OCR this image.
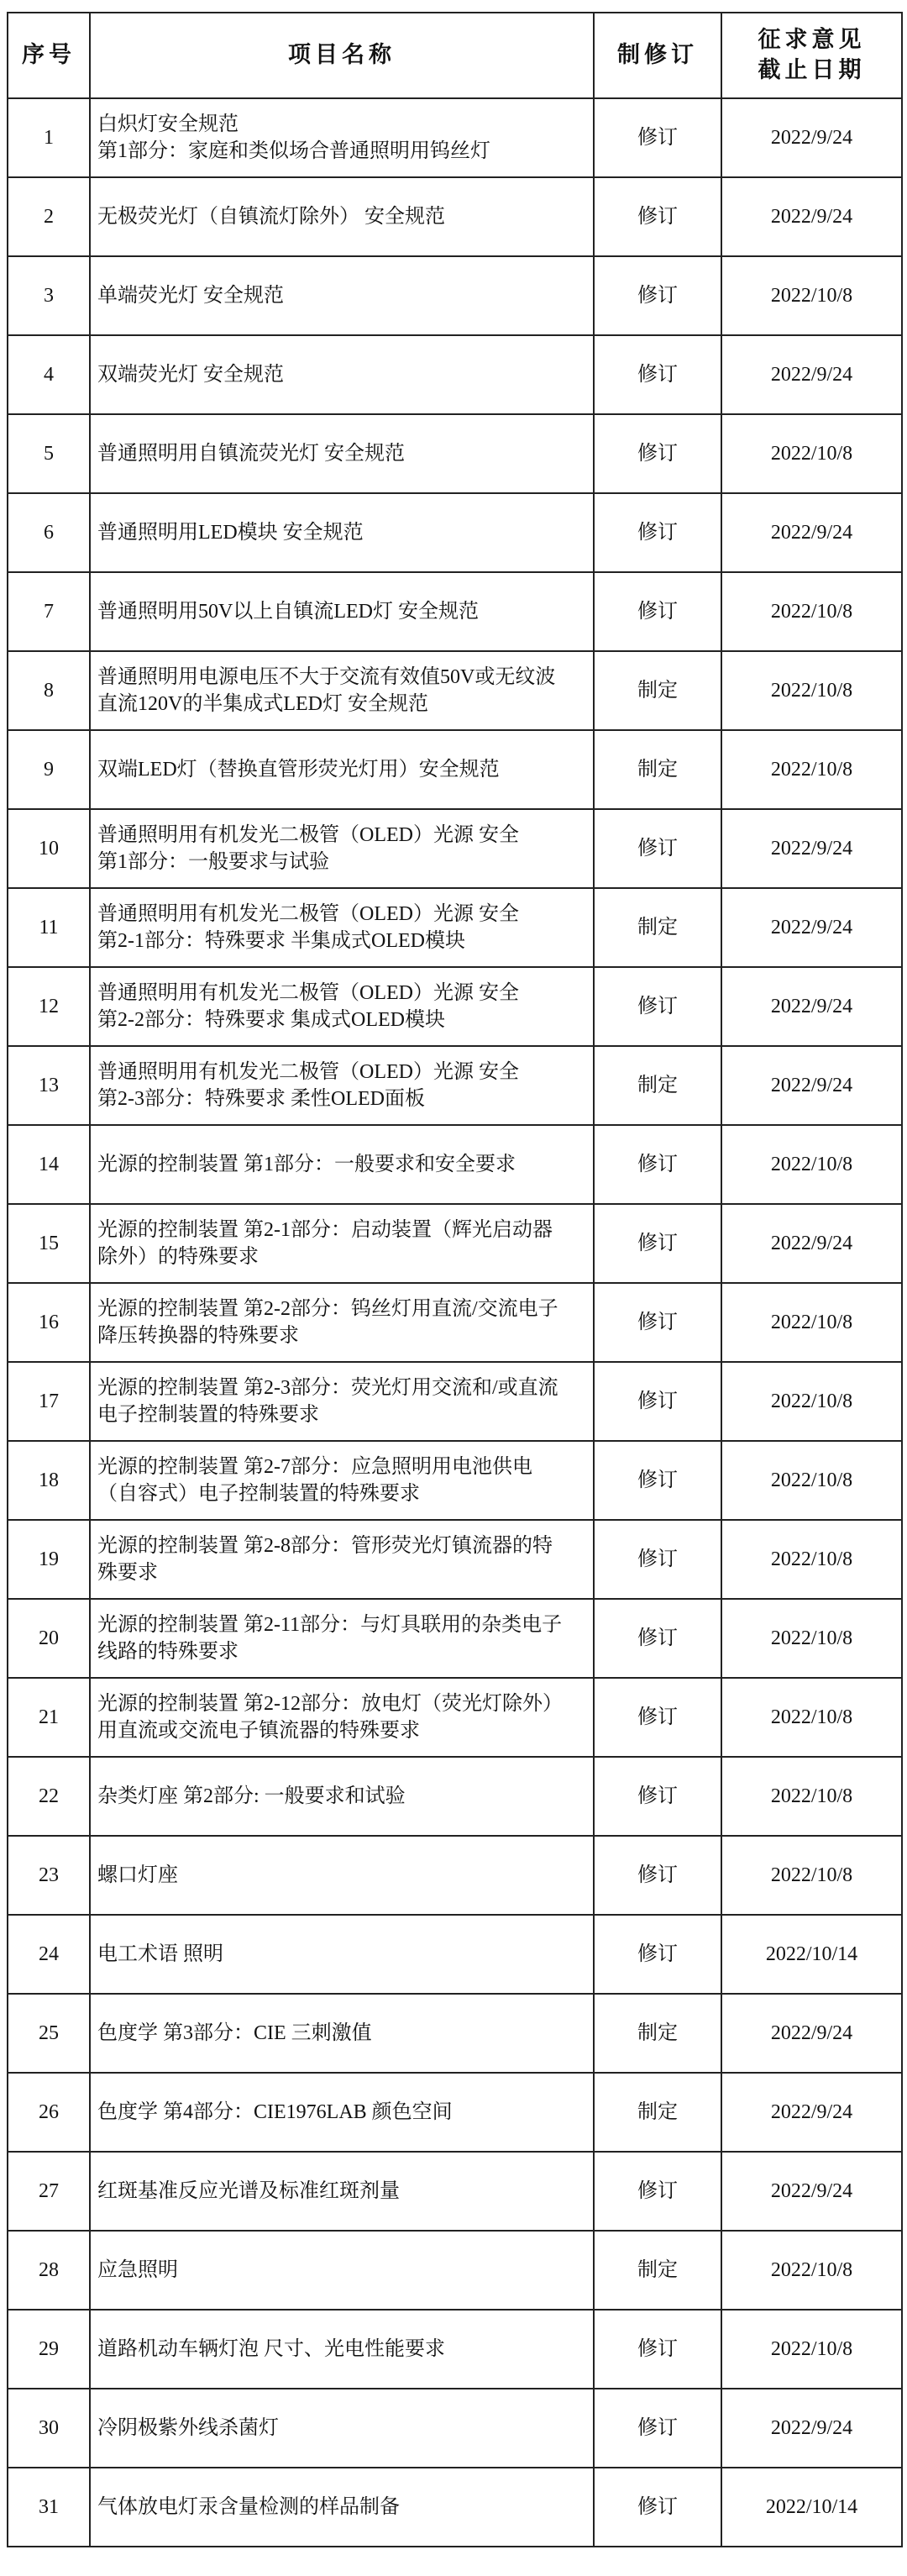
序号	项目名称	制修订	征求意见
截止日期

1	白炽灯安全规范
第1部分：家庭和类似场合普通照明用钨丝灯	修订	2022/9/24
2	无极荧光灯（自镇流灯除外） 安全规范	修订	2022/9/24
3	单端荧光灯 安全规范	修订	2022/10/8
4	双端荧光灯 安全规范	修订	2022/9/24
5	普通照明用自镇流荧光灯 安全规范	修订	2022/10/8
6	普通照明用LED模块 安全规范	修订	2022/9/24
7	普通照明用50V以上自镇流LED灯 安全规范	修订	2022/10/8
8	普通照明用电源电压不大于交流有效值50V或无纹波
直流120V的半集成式LED灯 安全规范	制定	2022/10/8
9	双端LED灯（替换直管形荧光灯用）安全规范	制定	2022/10/8
10	普通照明用有机发光二极管（OLED）光源 安全
第1部分：一般要求与试验	修订	2022/9/24
11	普通照明用有机发光二极管（OLED）光源 安全
第2-1部分：特殊要求 半集成式OLED模块	制定	2022/9/24
12	普通照明用有机发光二极管（OLED）光源 安全
第2-2部分：特殊要求 集成式OLED模块	修订	2022/9/24
13	普通照明用有机发光二极管（OLED）光源 安全
第2-3部分：特殊要求 柔性OLED面板	制定	2022/9/24
14	光源的控制装置 第1部分：一般要求和安全要求	修订	2022/10/8
15	光源的控制装置 第2-1部分：启动装置（辉光启动器
除外）的特殊要求	修订	2022/9/24
16	光源的控制装置 第2-2部分：钨丝灯用直流/交流电子
降压转换器的特殊要求	修订	2022/10/8
17	光源的控制装置 第2-3部分：荧光灯用交流和/或直流
电子控制装置的特殊要求	修订	2022/10/8
18	光源的控制装置 第2-7部分：应急照明用电池供电
（自容式）电子控制装置的特殊要求	修订	2022/10/8
19	光源的控制装置 第2-8部分：管形荧光灯镇流器的特
殊要求	修订	2022/10/8
20	光源的控制装置 第2-11部分：与灯具联用的杂类电子
线路的特殊要求	修订	2022/10/8
21	光源的控制装置 第2-12部分：放电灯（荧光灯除外）
用直流或交流电子镇流器的特殊要求	修订	2022/10/8
22	杂类灯座 第2部分: 一般要求和试验	修订	2022/10/8
23	螺口灯座	修订	2022/10/8
24	电工术语 照明	修订	2022/10/14
25	色度学 第3部分：CIE 三刺激值	制定	2022/9/24
26	色度学 第4部分：CIE1976LAB 颜色空间	制定	2022/9/24
27	红斑基准反应光谱及标准红斑剂量	修订	2022/9/24
28	应急照明	制定	2022/10/8
29	道路机动车辆灯泡 尺寸、光电性能要求	修订	2022/10/8
30	冷阴极紫外线杀菌灯	修订	2022/9/24
31	气体放电灯汞含量检测的样品制备	修订	2022/10/14
